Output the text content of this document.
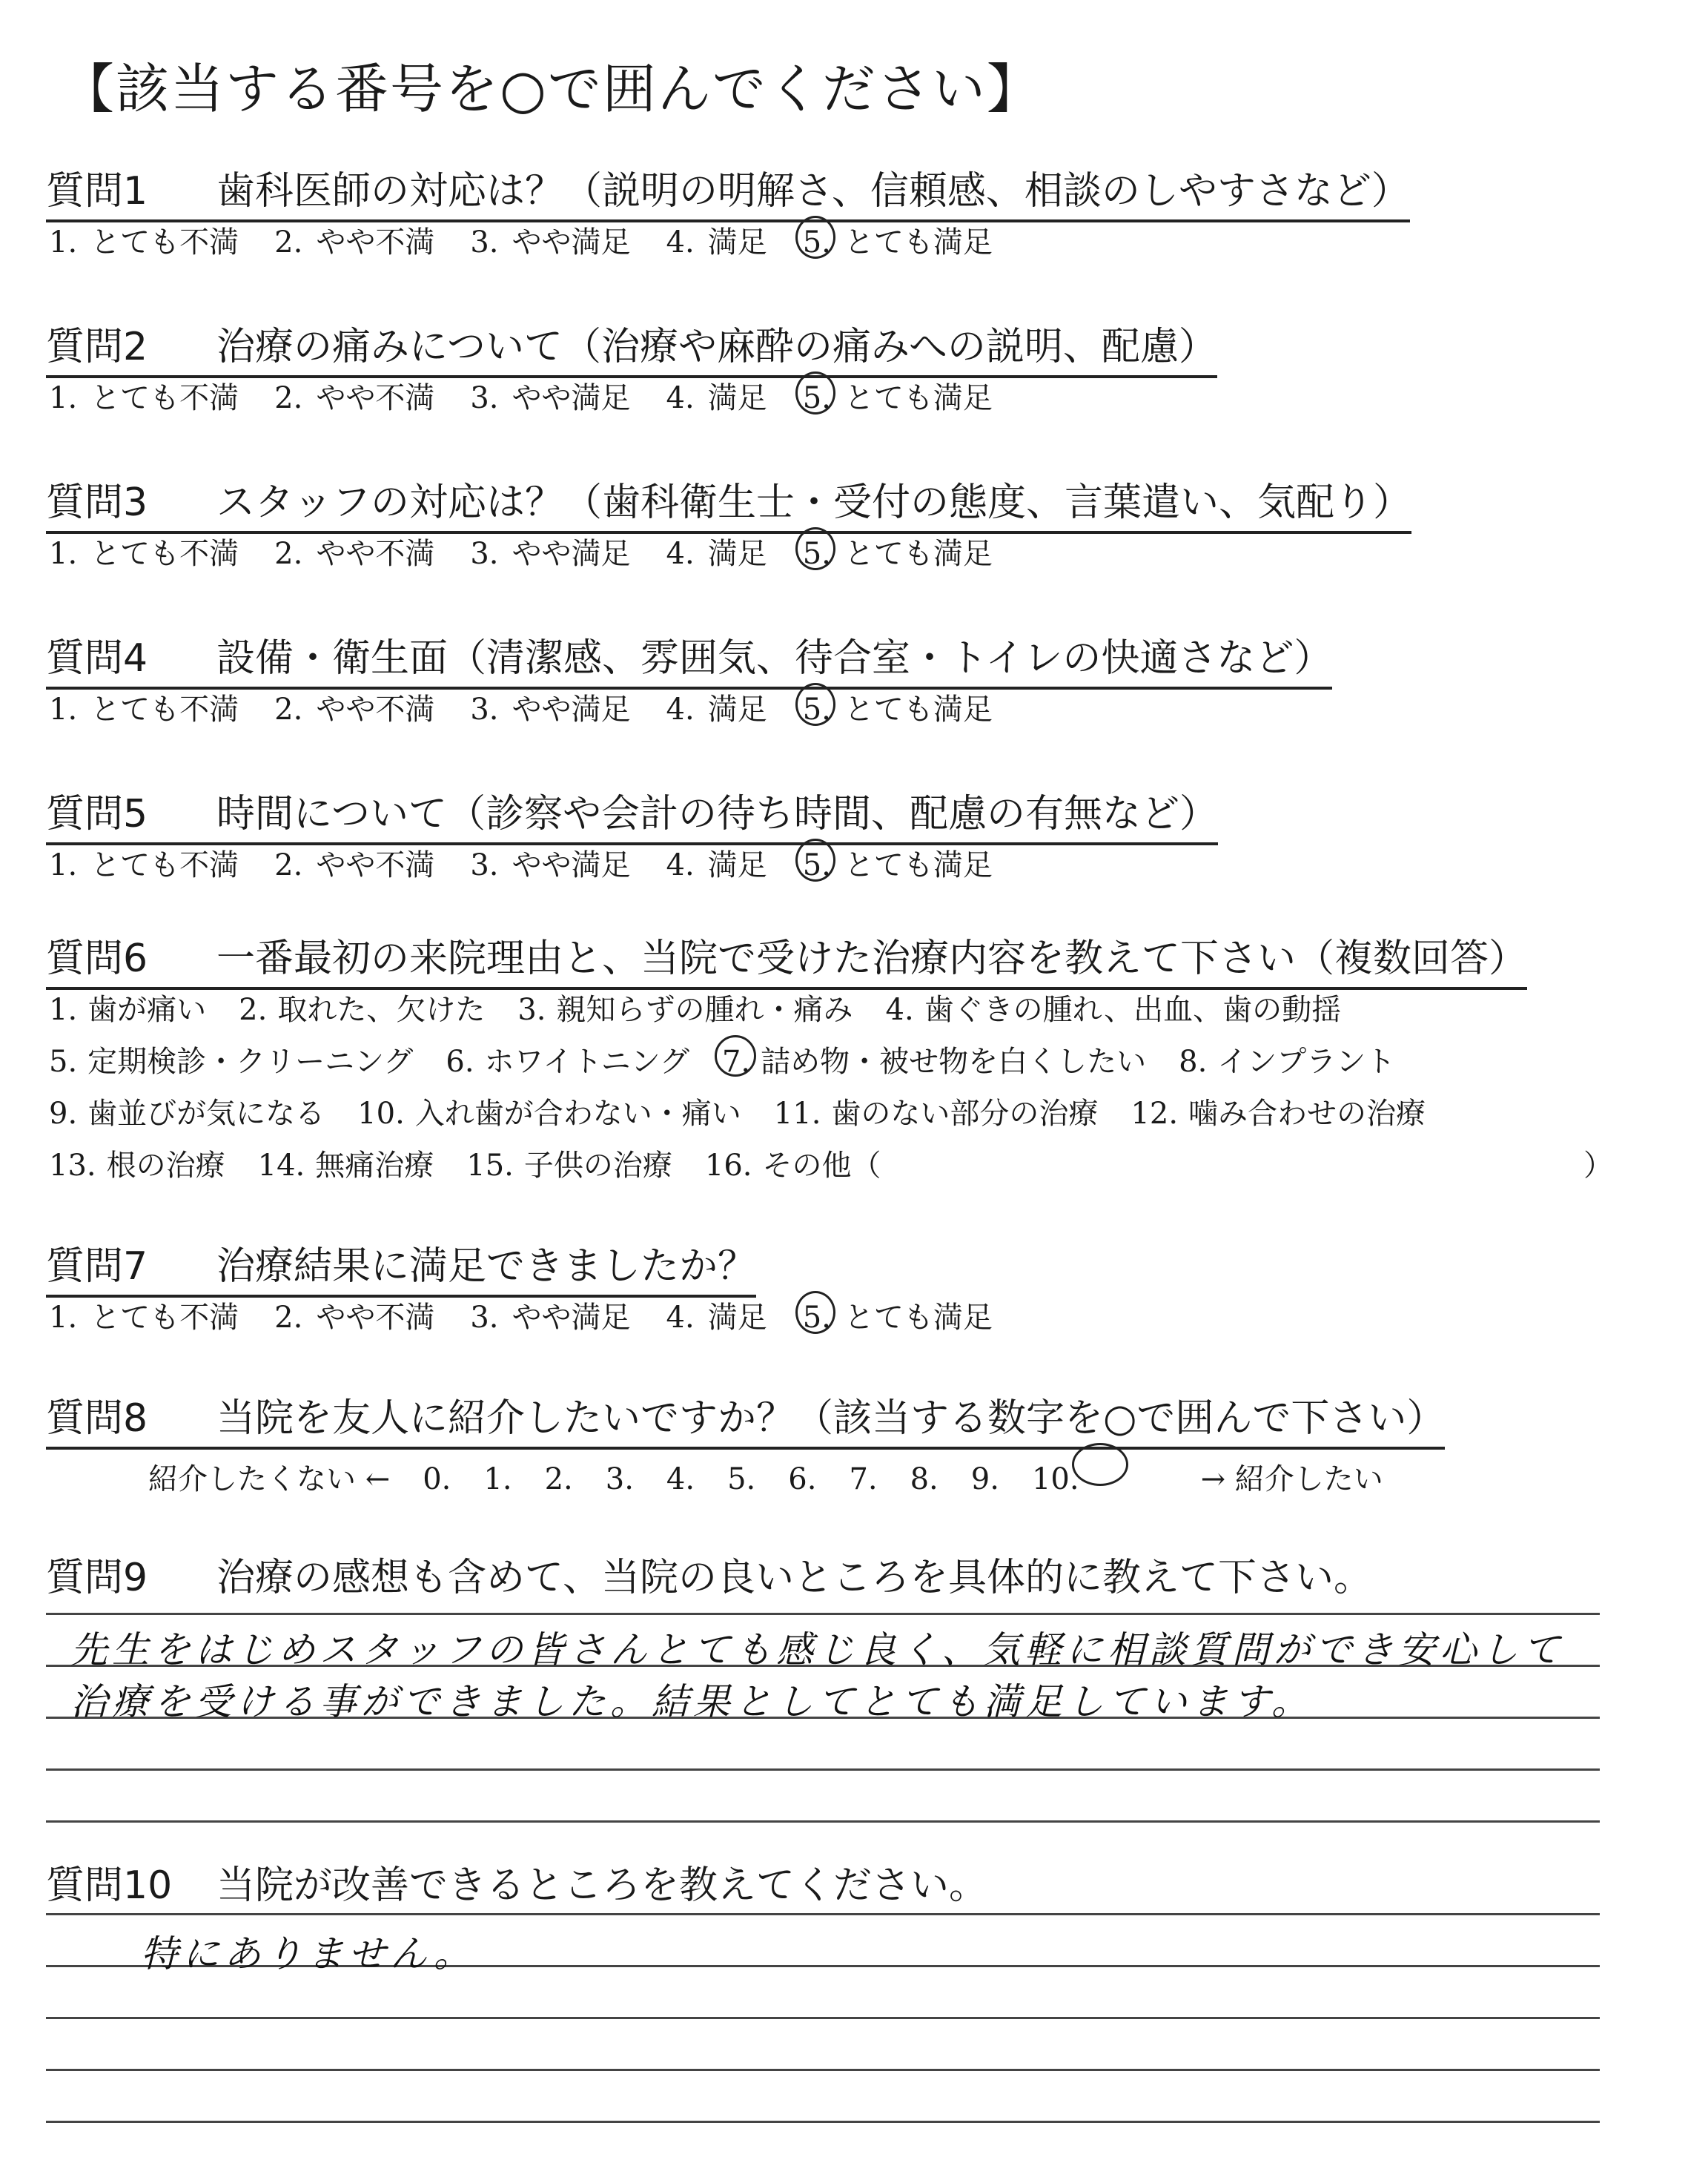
【該当する番号を○で囲んでください】
質問1 歯科医師の対応は？（説明の明解さ、信頼感、相談のしやすさなど）
1. とても不満 2. やや不満 3. やや満足 4. 満足 5. とても満足
質問2 治療の痛みについて（治療や麻酔の痛みへの説明、配慮）
1. とても不満 2. やや不満 3. やや満足 4. 満足 5. とても満足
質問3 スタッフの対応は？（歯科衛生士・受付の態度、言葉遣い、気配り）
1. とても不満 2. やや不満 3. やや満足 4. 満足 5. とても満足
質問4 設備・衛生面（清潔感、雰囲気、待合室・トイレの快適さなど）
1. とても不満 2. やや不満 3. やや満足 4. 満足 5. とても満足
質問5 時間について（診察や会計の待ち時間、配慮の有無など）
1. とても不満 2. やや不満 3. やや満足 4. 満足 5. とても満足
質問6 一番最初の来院理由と、当院で受けた治療内容を教えて下さい（複数回答）
1. 歯が痛い 2. 取れた、欠けた 3. 親知らずの腫れ・痛み 4. 歯ぐきの腫れ、出血、歯の動揺
5. 定期検診・クリーニング 6. ホワイトニング 7. 詰め物・被せ物を白くしたい 8. インプラント
9. 歯並びが気になる 10. 入れ歯が合わない・痛い 11. 歯のない部分の治療 12. 噛み合わせの治療
13. 根の治療 14. 無痛治療 15. 子供の治療 16. その他（	）
質問7 治療結果に満足できましたか？
1. とても不満 2. やや不満 3. やや満足 4. 満足 5. とても満足
質問8 当院を友人に紹介したいですか？（該当する数字を○で囲んで下さい）
紹介したくない ← 0. 1. 2. 3. 4. 5. 6. 7. 8. 9. 10.	→ 紹介したい
質問9 治療の感想も含めて、当院の良いところを具体的に教えて下さい。
先生をはじめスタッフの皆さんとても感じ良く、気軽に相談質問ができ安心して
治療を受ける事ができました。結果としてとても満足しています。
質問10 当院が改善できるところを教えてください。
特にありません。
